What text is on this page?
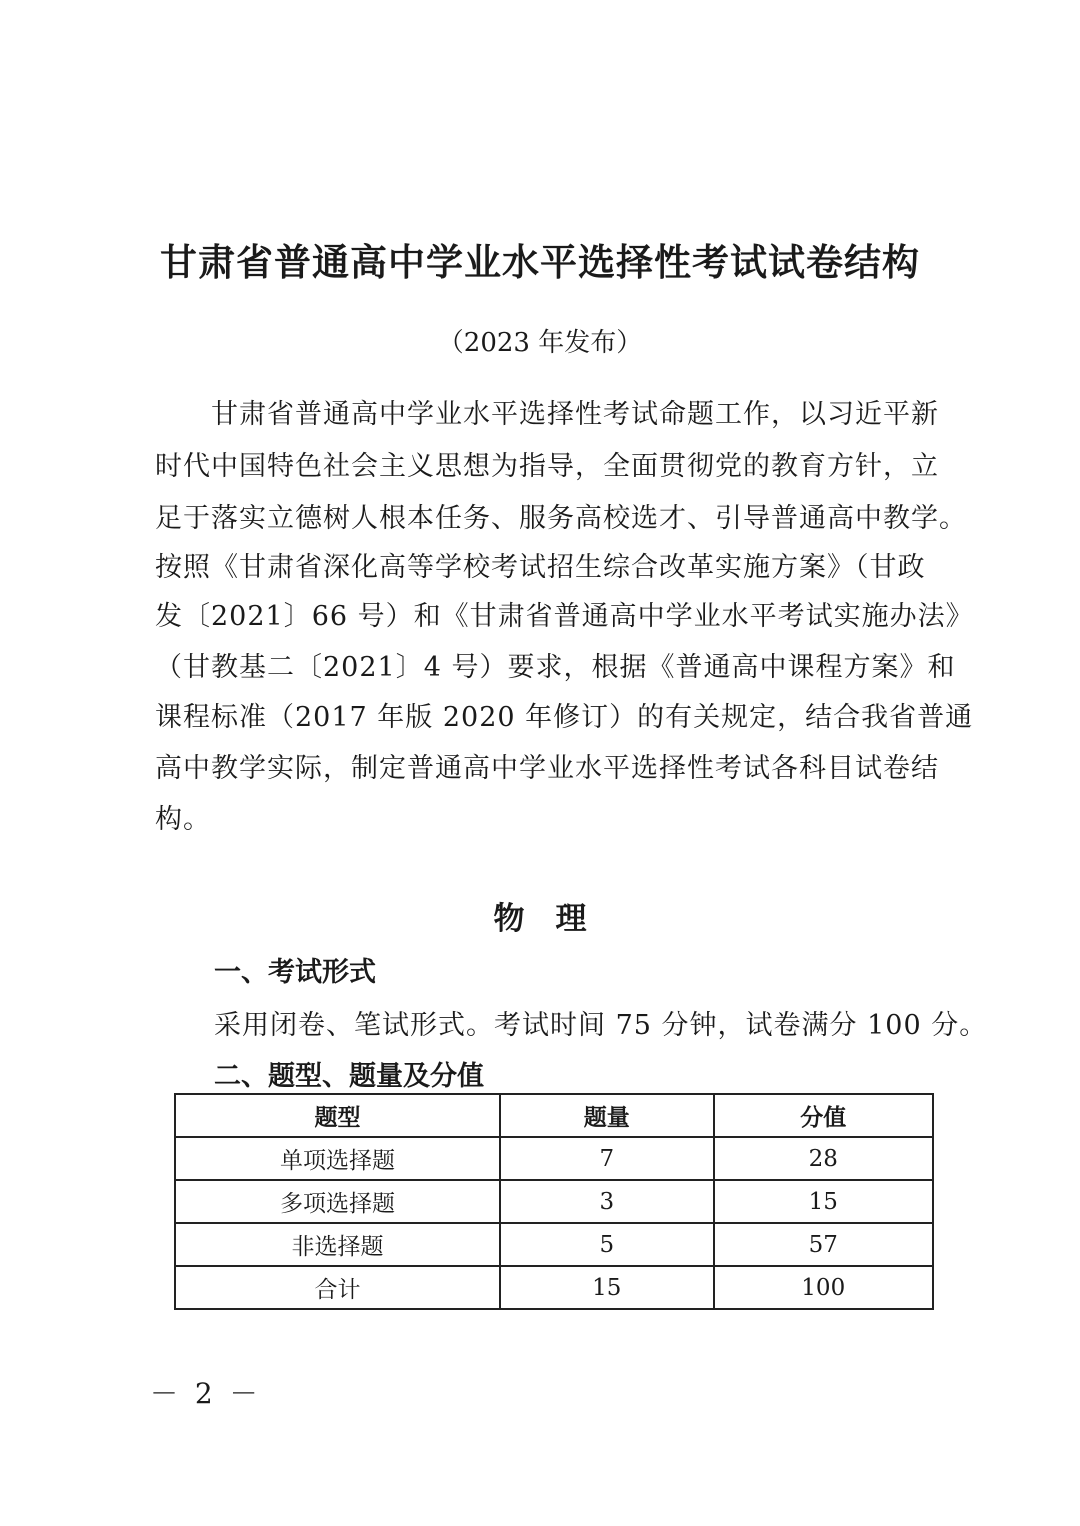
甘肃省普通高中学业水平选择性考试试卷结构
（2023 年发布）
　　甘肃省普通高中学业水平选择性考试命题工作，以习近平新
时代中国特色社会主义思想为指导，全面贯彻党的教育方针，立
足于落实立德树人根本任务、服务高校选才、引导普通高中教学。
按照《甘肃省深化高等学校考试招生综合改革实施方案》（甘政
发〔2021〕66 号）和《甘肃省普通高中学业水平考试实施办法》
（甘教基二〔2021〕4 号）要求，根据《普通高中课程方案》和
课程标准（2017 年版 2020 年修订）的有关规定，结合我省普通
高中教学实际，制定普通高中学业水平选择性考试各科目试卷结
构。
物　理
一、考试形式
采用闭卷、笔试形式。考试时间 75 分钟，试卷满分 100 分。
二、题型、题量及分值
题型	题量	分值
单项选择题	7	28
多项选择题	3	15
非选择题	5	57
合计	15	100
－ 2 －
